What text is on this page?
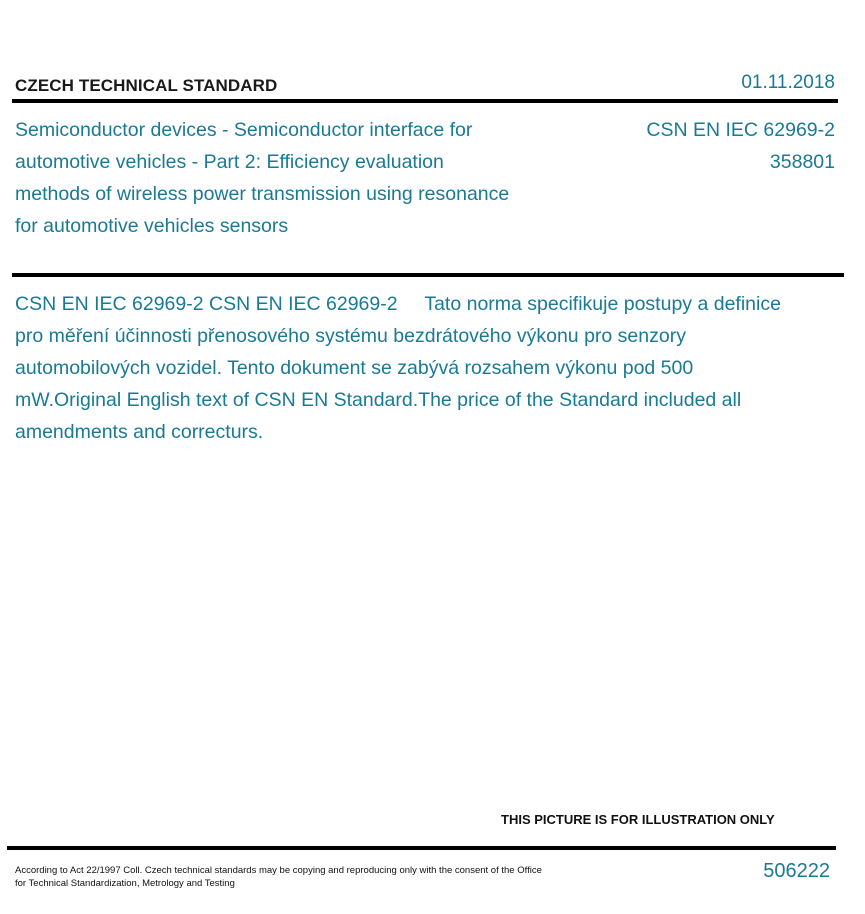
CZECH TECHNICAL STANDARD	01.11.2018
Semiconductor devices - Semiconductor interface for automotive vehicles - Part 2: Efficiency evaluation methods of wireless power transmission using resonance for automotive vehicles sensors
CSN EN IEC 62969-2
358801
CSN EN IEC 62969-2 CSN EN IEC 62969-2     Tato norma specifikuje postupy a definice pro měření účinnosti přenosového systému bezdrátového výkonu pro senzory automobilových vozidel. Tento dokument se zabývá rozsahem výkonu pod 500 mW.Original English text of CSN EN Standard.The price of the Standard included all amendments and correcturs.
THIS PICTURE IS FOR ILLUSTRATION ONLY
According to Act 22/1997 Coll. Czech technical standards may be copying and reproducing only with the consent of the Office
for Technical Standardization, Metrology and Testing
506222
